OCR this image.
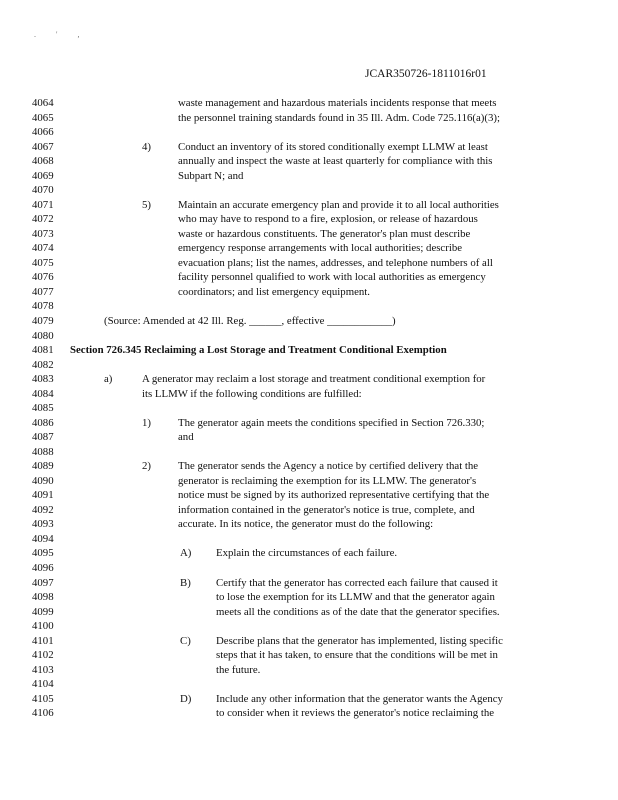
. ' ,
JCAR350726-1811016r01
4064	waste management and hazardous materials incidents response that meets
4065	the personnel training standards found in 35 Ill. Adm. Code 725.116(a)(3);
4066
4067	4)	Conduct an inventory of its stored conditionally exempt LLMW at least
4068	annually and inspect the waste at least quarterly for compliance with this
4069	Subpart N; and
4070
4071	5)	Maintain an accurate emergency plan and provide it to all local authorities
4072	who may have to respond to a fire, explosion, or release of hazardous
4073	waste or hazardous constituents. The generator's plan must describe
4074	emergency response arrangements with local authorities; describe
4075	evacuation plans; list the names, addresses, and telephone numbers of all
4076	facility personnel qualified to work with local authorities as emergency
4077	coordinators; and list emergency equipment.
4078
4079	(Source: Amended at 42 Ill. Reg. ______, effective ____________)
4080
4081 Section 726.345 Reclaiming a Lost Storage and Treatment Conditional Exemption
4082
4083	a)	A generator may reclaim a lost storage and treatment conditional exemption for
4084	its LLMW if the following conditions are fulfilled:
4085
4086	1)	The generator again meets the conditions specified in Section 726.330;
4087	and
4088
4089	2)	The generator sends the Agency a notice by certified delivery that the
4090	generator is reclaiming the exemption for its LLMW. The generator's
4091	notice must be signed by its authorized representative certifying that the
4092	information contained in the generator's notice is true, complete, and
4093	accurate. In its notice, the generator must do the following:
4094
4095	A) Explain the circumstances of each failure.
4096
4097	B) Certify that the generator has corrected each failure that caused it
4098	to lose the exemption for its LLMW and that the generator again
4099	meets all the conditions as of the date that the generator specifies.
4100
4101	C) Describe plans that the generator has implemented, listing specific
4102	steps that it has taken, to ensure that the conditions will be met in
4103	the future.
4104
4105	D) Include any other information that the generator wants the Agency
4106	to consider when it reviews the generator's notice reclaiming the
